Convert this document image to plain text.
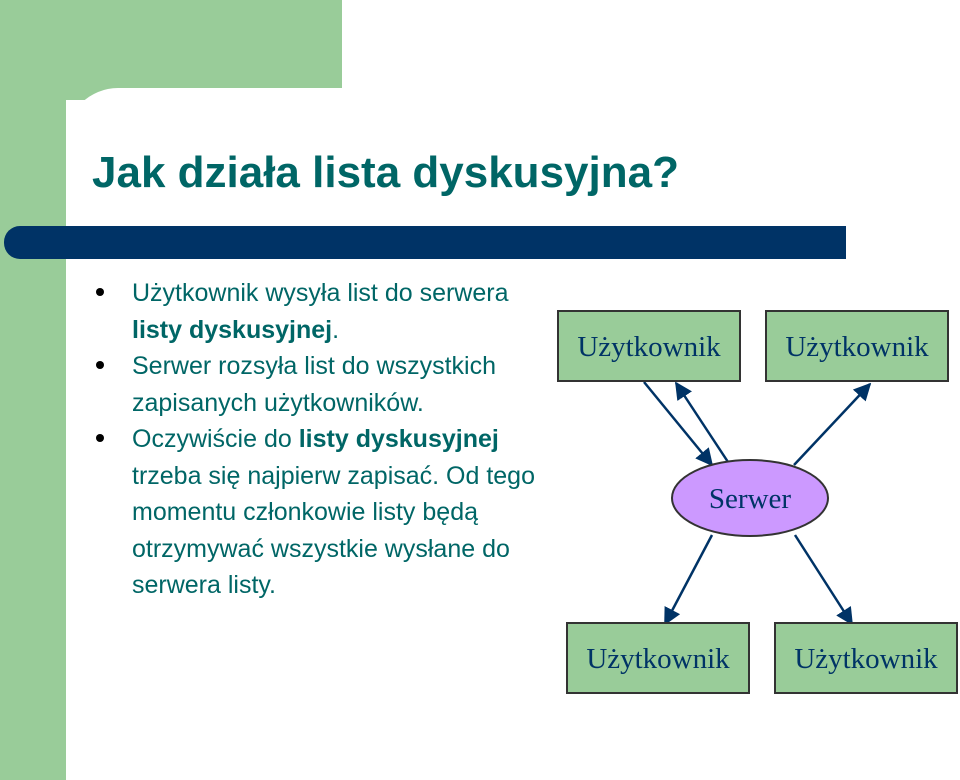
Jak działa lista dyskusyjna?
Użytkownik wysyła list do serwera listy dyskusyjnej.
Serwer rozsyła list do wszystkich zapisanych użytkowników.
Oczywiście do listy dyskusyjnej trzeba się najpierw zapisać. Od tego momentu członkowie listy będą otrzymywać wszystkie wysłane do serwera listy.
Użytkownik Użytkownik
Użytkownik Użytkownik
Serwer
